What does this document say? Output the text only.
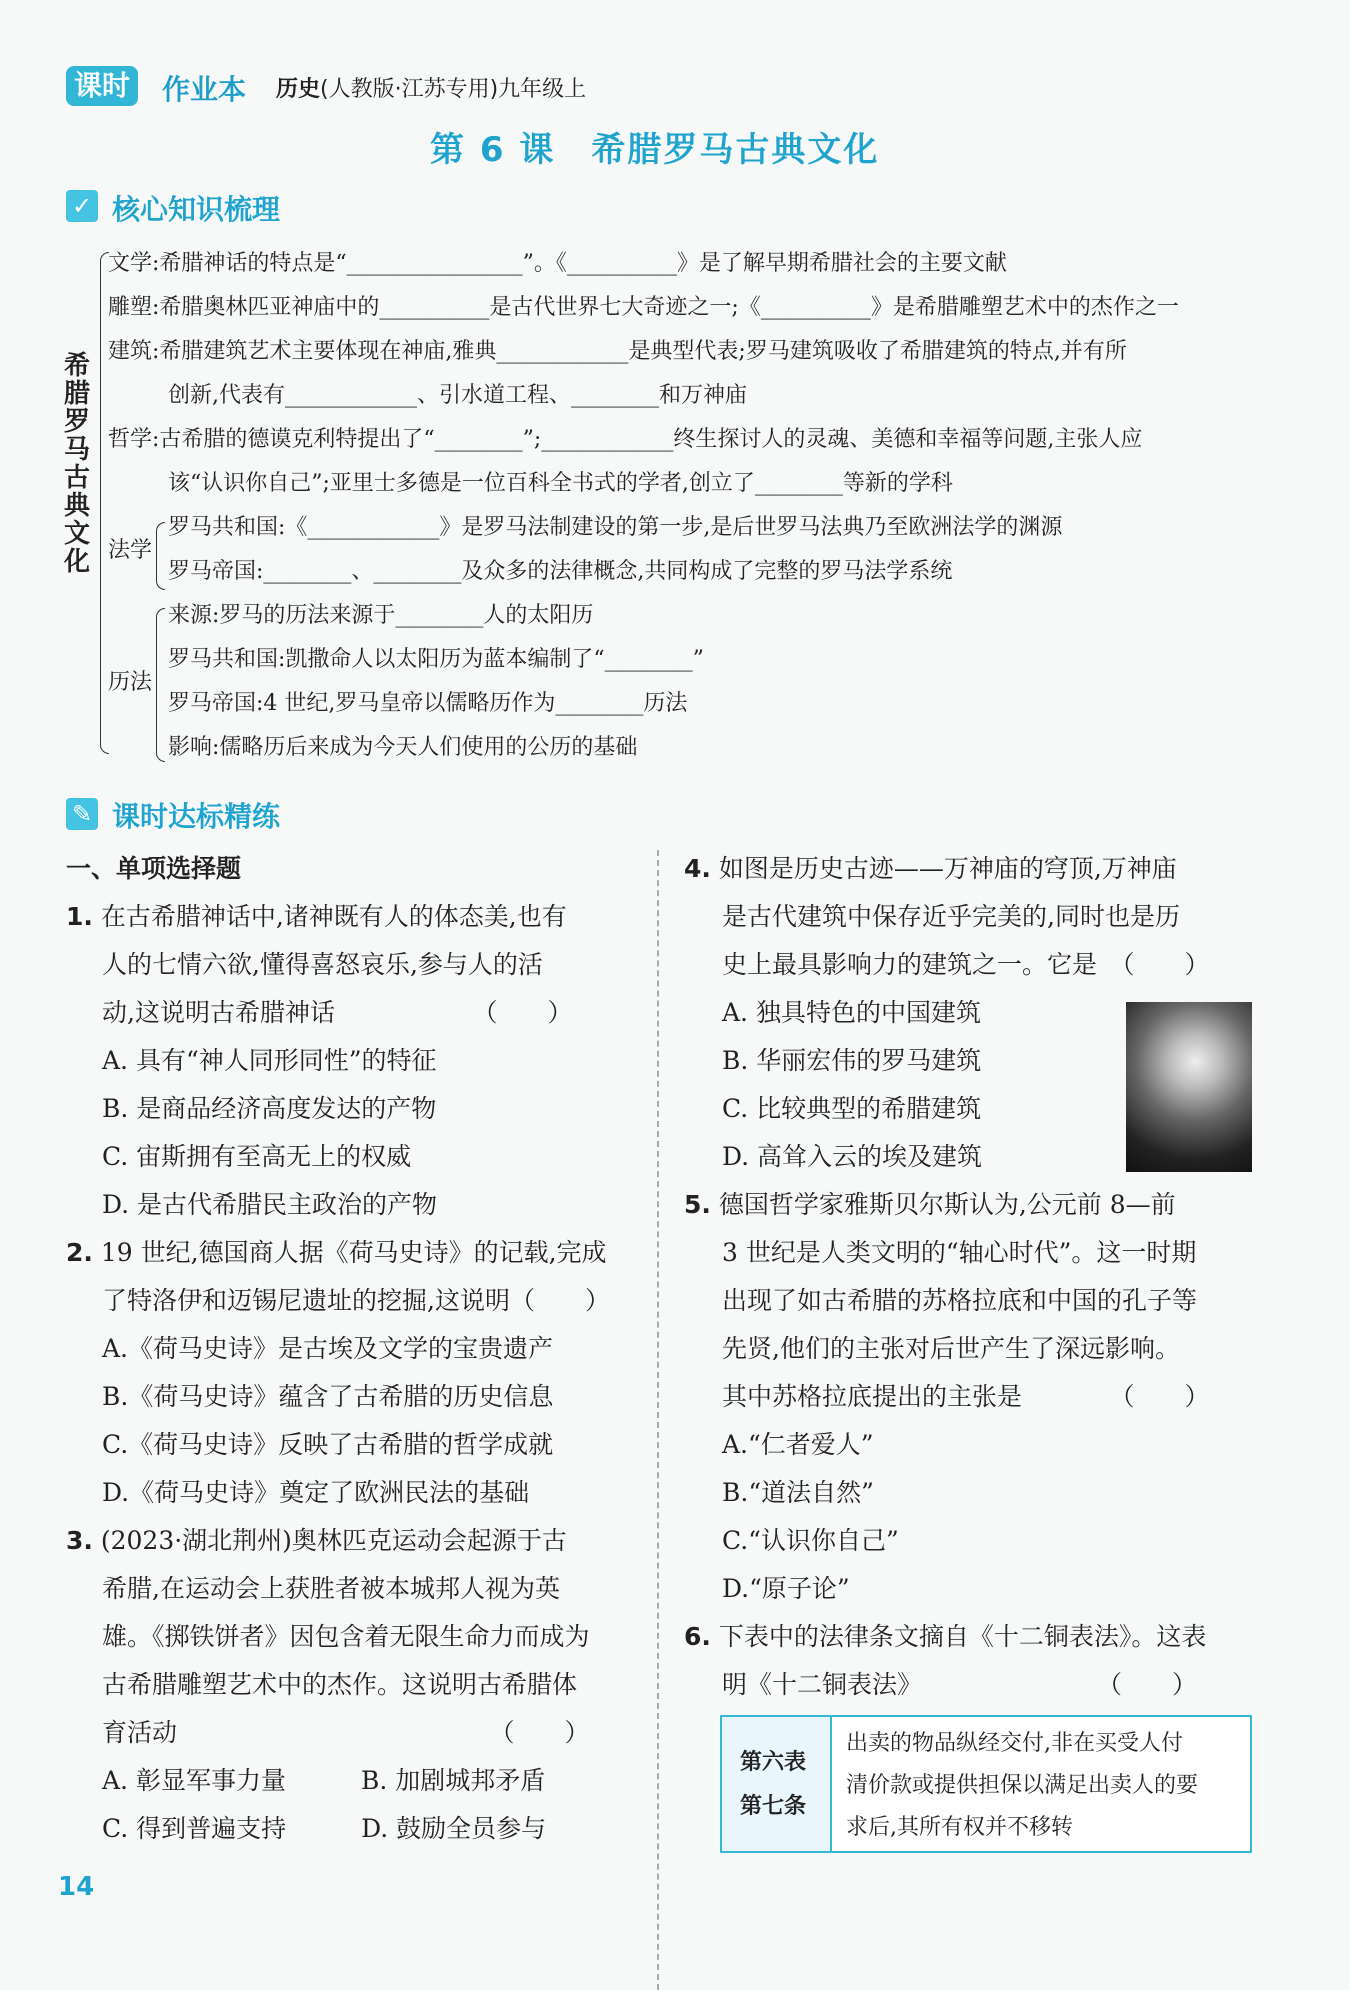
课时 作业本 历史(人教版·江苏专用)九年级上
第 6 课　希腊罗马古典文化
✓ 核心知识梳理
希腊罗马古典文化
文学:希腊神话的特点是“________________”。《__________》是了解早期希腊社会的主要文献
雕塑:希腊奥林匹亚神庙中的__________是古代世界七大奇迹之一;《__________》是希腊雕塑艺术中的杰作之一
建筑:希腊建筑艺术主要体现在神庙,雅典____________是典型代表;罗马建筑吸收了希腊建筑的特点,并有所
创新,代表有____________、引水道工程、________和万神庙
哲学:古希腊的德谟克利特提出了“________”;____________终生探讨人的灵魂、美德和幸福等问题,主张人应
该“认识你自己”;亚里士多德是一位百科全书式的学者,创立了________等新的学科
法学
罗马共和国:《____________》是罗马法制建设的第一步,是后世罗马法典乃至欧洲法学的渊源
罗马帝国:________、________及众多的法律概念,共同构成了完整的罗马法学系统
历法
来源:罗马的历法来源于________人的太阳历
罗马共和国:凯撒命人以太阳历为蓝本编制了“________”
罗马帝国:4 世纪,罗马皇帝以儒略历作为________历法
影响:儒略历后来成为今天人们使用的公历的基础
✎ 课时达标精练
一、单项选择题
1. 在古希腊神话中,诸神既有人的体态美,也有
人的七情六欲,懂得喜怒哀乐,参与人的活
动,这说明古希腊神话　　　　　　（　　）
A. 具有“神人同形同性”的特征
B. 是商品经济高度发达的产物
C. 宙斯拥有至高无上的权威
D. 是古代希腊民主政治的产物
2. 19 世纪,德国商人据《荷马史诗》的记载,完成
了特洛伊和迈锡尼遗址的挖掘,这说明（　　）
A.《荷马史诗》是古埃及文学的宝贵遗产
B.《荷马史诗》蕴含了古希腊的历史信息
C.《荷马史诗》反映了古希腊的哲学成就
D.《荷马史诗》奠定了欧洲民法的基础
3. (2023·湖北荆州)奥林匹克运动会起源于古
希腊,在运动会上获胜者被本城邦人视为英
雄。《掷铁饼者》因包含着无限生命力而成为
古希腊雕塑艺术中的杰作。这说明古希腊体
育活动　　　　　　　　　　　　　（　　）
A. 彰显军事力量　　　B. 加剧城邦矛盾
C. 得到普遍支持　　　D. 鼓励全员参与
4. 如图是历史古迹——万神庙的穹顶,万神庙
是古代建筑中保存近乎完美的,同时也是历
史上最具影响力的建筑之一。它是　（　　）
A. 独具特色的中国建筑
B. 华丽宏伟的罗马建筑
C. 比较典型的希腊建筑
D. 高耸入云的埃及建筑
5. 德国哲学家雅斯贝尔斯认为,公元前 8—前
3 世纪是人类文明的“轴心时代”。这一时期
出现了如古希腊的苏格拉底和中国的孔子等
先贤,他们的主张对后世产生了深远影响。
其中苏格拉底提出的主张是　　　　（　　）
A.“仁者爱人”
B.“道法自然”
C.“认识你自己”
D.“原子论”
6. 下表中的法律条文摘自《十二铜表法》。这表
明《十二铜表法》　　　　　　　　（　　）
第六表
第七条
出卖的物品纵经交付,非在买受人付
清价款或提供担保以满足出卖人的要
求后,其所有权并不移转
14
